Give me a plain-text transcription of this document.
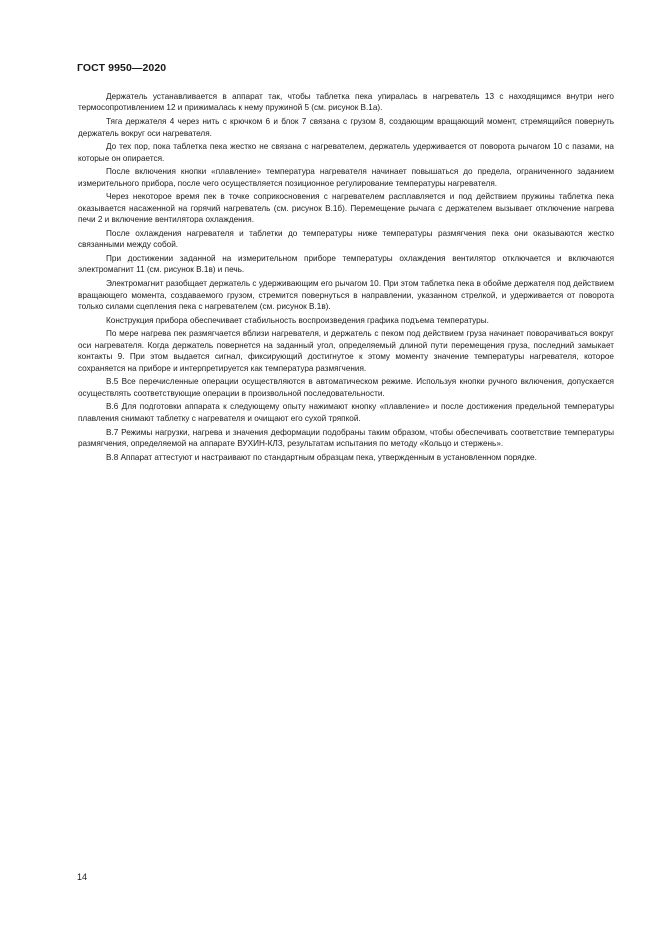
ГОСТ 9950—2020

Держатель устанавливается в аппарат так, чтобы таблетка пека упиралась в нагреватель 13 с находящимся внутри него термосопротивлением 12 и прижималась к нему пружиной 5 (см. рисунок В.1а).

Тяга держателя 4 через нить с крючком 6 и блок 7 связана с грузом 8, создающим вращающий момент, стремящийся повернуть держатель вокруг оси нагревателя.

До тех пор, пока таблетка пека жестко не связана с нагревателем, держатель удерживается от поворота рычагом 10 с пазами, на которые он опирается.

После включения кнопки «плавление» температура нагревателя начинает повышаться до предела, ограниченного заданием измерительного прибора, после чего осуществляется позиционное регулирование температуры нагревателя.

Через некоторое время пек в точке соприкосновения с нагревателем расплавляется и под действием пружины таблетка пека оказывается насаженной на горячий нагреватель (см. рисунок В.1б). Перемещение рычага с держателем вызывает отключение нагрева печи 2 и включение вентилятора охлаждения.

После охлаждения нагревателя и таблетки до температуры ниже температуры размягчения пека они оказываются жестко связанными между собой.

При достижении заданной на измерительном приборе температуры охлаждения вентилятор отключается и включаются электромагнит 11 (см. рисунок В.1в) и печь.

Электромагнит разобщает держатель с удерживающим его рычагом 10. При этом таблетка пека в обойме держателя под действием вращающего момента, создаваемого грузом, стремится повернуться в направлении, указанном стрелкой, и удерживается от поворота только силами сцепления пека с нагревателем (см. рисунок В.1в).

Конструкция прибора обеспечивает стабильность воспроизведения графика подъема температуры.

По мере нагрева пек размягчается вблизи нагревателя, и держатель с пеком под действием груза начинает поворачиваться вокруг оси нагревателя. Когда держатель повернется на заданный угол, определяемый длиной пути перемещения груза, последний замыкает контакты 9. При этом выдается сигнал, фиксирующий достигнутое к этому моменту значение температуры нагревателя, которое сохраняется на приборе и интерпретируется как температура размягчения.

В.5 Все перечисленные операции осуществляются в автоматическом режиме. Используя кнопки ручного включения, допускается осуществлять соответствующие операции в произвольной последовательности.

В.6 Для подготовки аппарата к следующему опыту нажимают кнопку «плавление» и после достижения предельной температуры плавления снимают таблетку с нагревателя и очищают его сухой тряпкой.

В.7 Режимы нагрузки, нагрева и значения деформации подобраны таким образом, чтобы обеспечивать соответствие температуры размягчения, определяемой на аппарате ВУХИН-КЛЗ, результатам испытания по методу «Кольцо и стержень».

В.8 Аппарат аттестуют и настраивают по стандартным образцам пека, утвержденным в установленном порядке.

14
